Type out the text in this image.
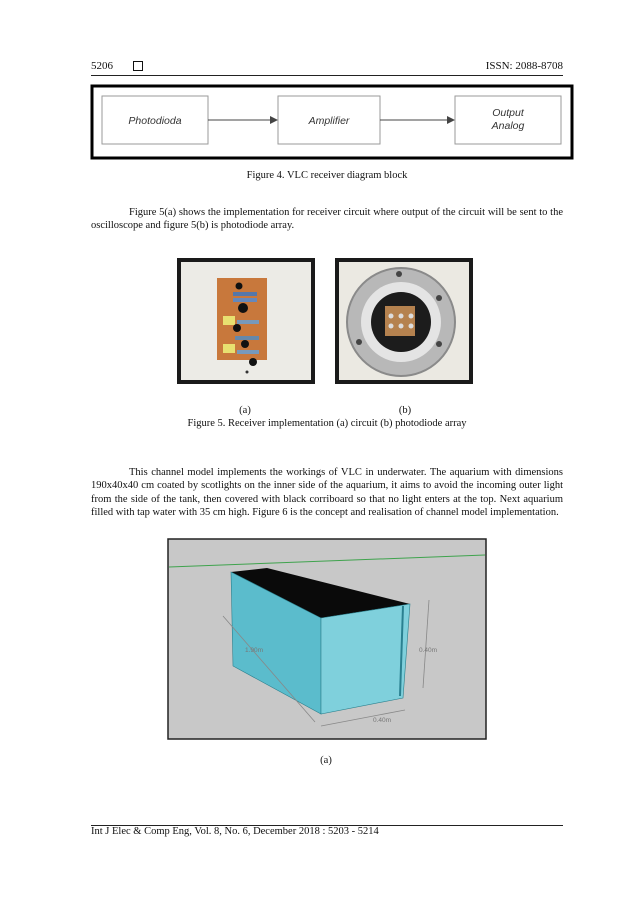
5206	ISSN: 2088-8708
Photodioda	Amplifier
Output
Analog
Figure 4. VLC receiver diagram block
Figure 5(a) shows the implementation for receiver circuit where output of the circuit will be sent to the oscilloscope and figure 5(b) is photodiode array.
(a)	(b)
Figure 5. Receiver implementation (a) circuit (b) photodiode array
This channel model implements the workings of VLC in underwater. The aquarium with dimensions 190x40x40 cm coated by scotlights on the inner side of the aquarium, it aims to avoid the incoming outer light from the side of the tank, then covered with black corriboard so that no light enters at the top. Next aquarium filled with tap water with 35 cm high. Figure 6 is the concept and realisation of channel model implementation.
1.90m	0.40m
0.40m
(a)
Int J Elec & Comp Eng, Vol. 8, No. 6, December 2018 : 5203 - 5214
